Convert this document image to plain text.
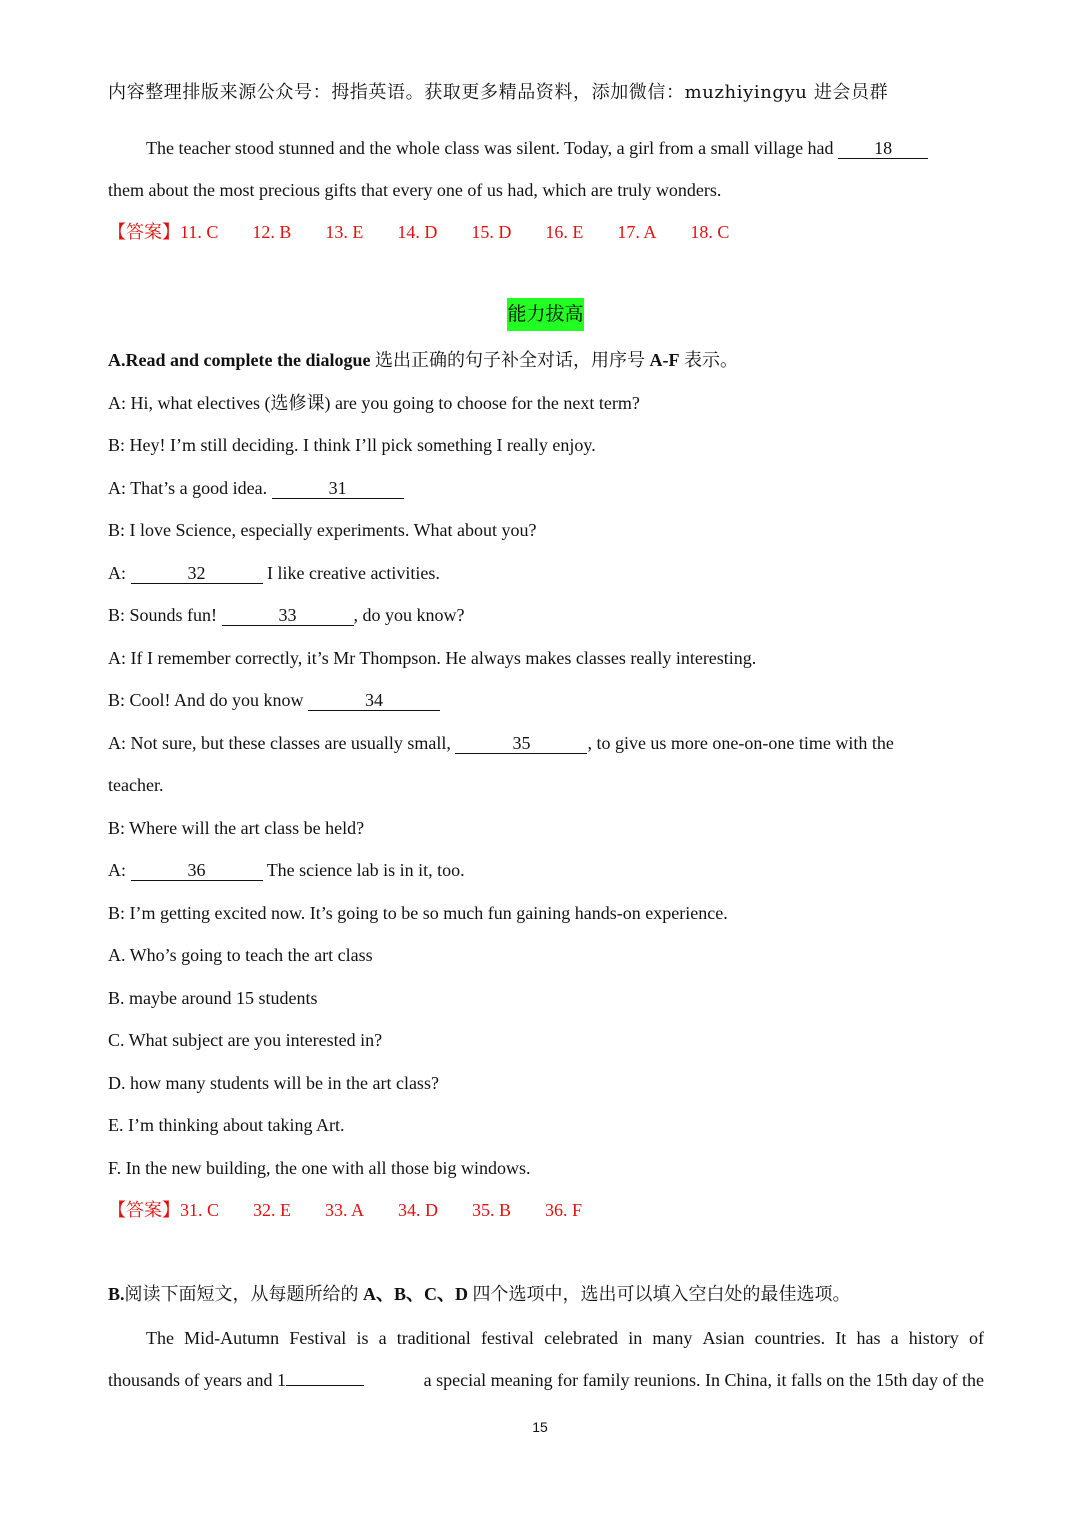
内容整理排版来源公众号：拇指英语。获取更多精品资料，添加微信：muzhiyingyu 进会员群
The teacher stood stunned and the whole class was silent. Today, a girl from a small village had 18
them about the most precious gifts that every one of us had, which are truly wonders.
【答案】11. C 12. B 13. E 14. D 15. D 16. E 17. A 18. C
能力拔高
A.Read and complete the dialogue 选出正确的句子补全对话，用序号 A-F 表示。
A: Hi, what electives (选修课) are you going to choose for the next term?
B: Hey! I’m still deciding. I think I’ll pick something I really enjoy.
A: That’s a good idea.	31
B: I love Science, especially experiments. What about you?
A:	32	I like creative activities.
B: Sounds fun!	33	, do you know?
A: If I remember correctly, it’s Mr Thompson. He always makes classes really interesting.
B: Cool! And do you know	34
A: Not sure, but these classes are usually small,	35	, to give us more one-on-one time with the
teacher.
B: Where will the art class be held?
A:	36	The science lab is in it, too.
B: I’m getting excited now. It’s going to be so much fun gaining hands-on experience.
A. Who’s going to teach the art class
B. maybe around 15 students
C. What subject are you interested in?
D. how many students will be in the art class?
E. I’m thinking about taking Art.
F. In the new building, the one with all those big windows.
【答案】31. C 32. E 33. A 34. D 35. B 36. F
B.阅读下面短文，从每题所给的 A、B、C、D 四个选项中，选出可以填入空白处的最佳选项。
The Mid-Autumn Festival is a traditional festival celebrated in many Asian countries. It has a history of
thousands of years and 1	a special meaning for family reunions. In China, it falls on the 15th day of the
15
